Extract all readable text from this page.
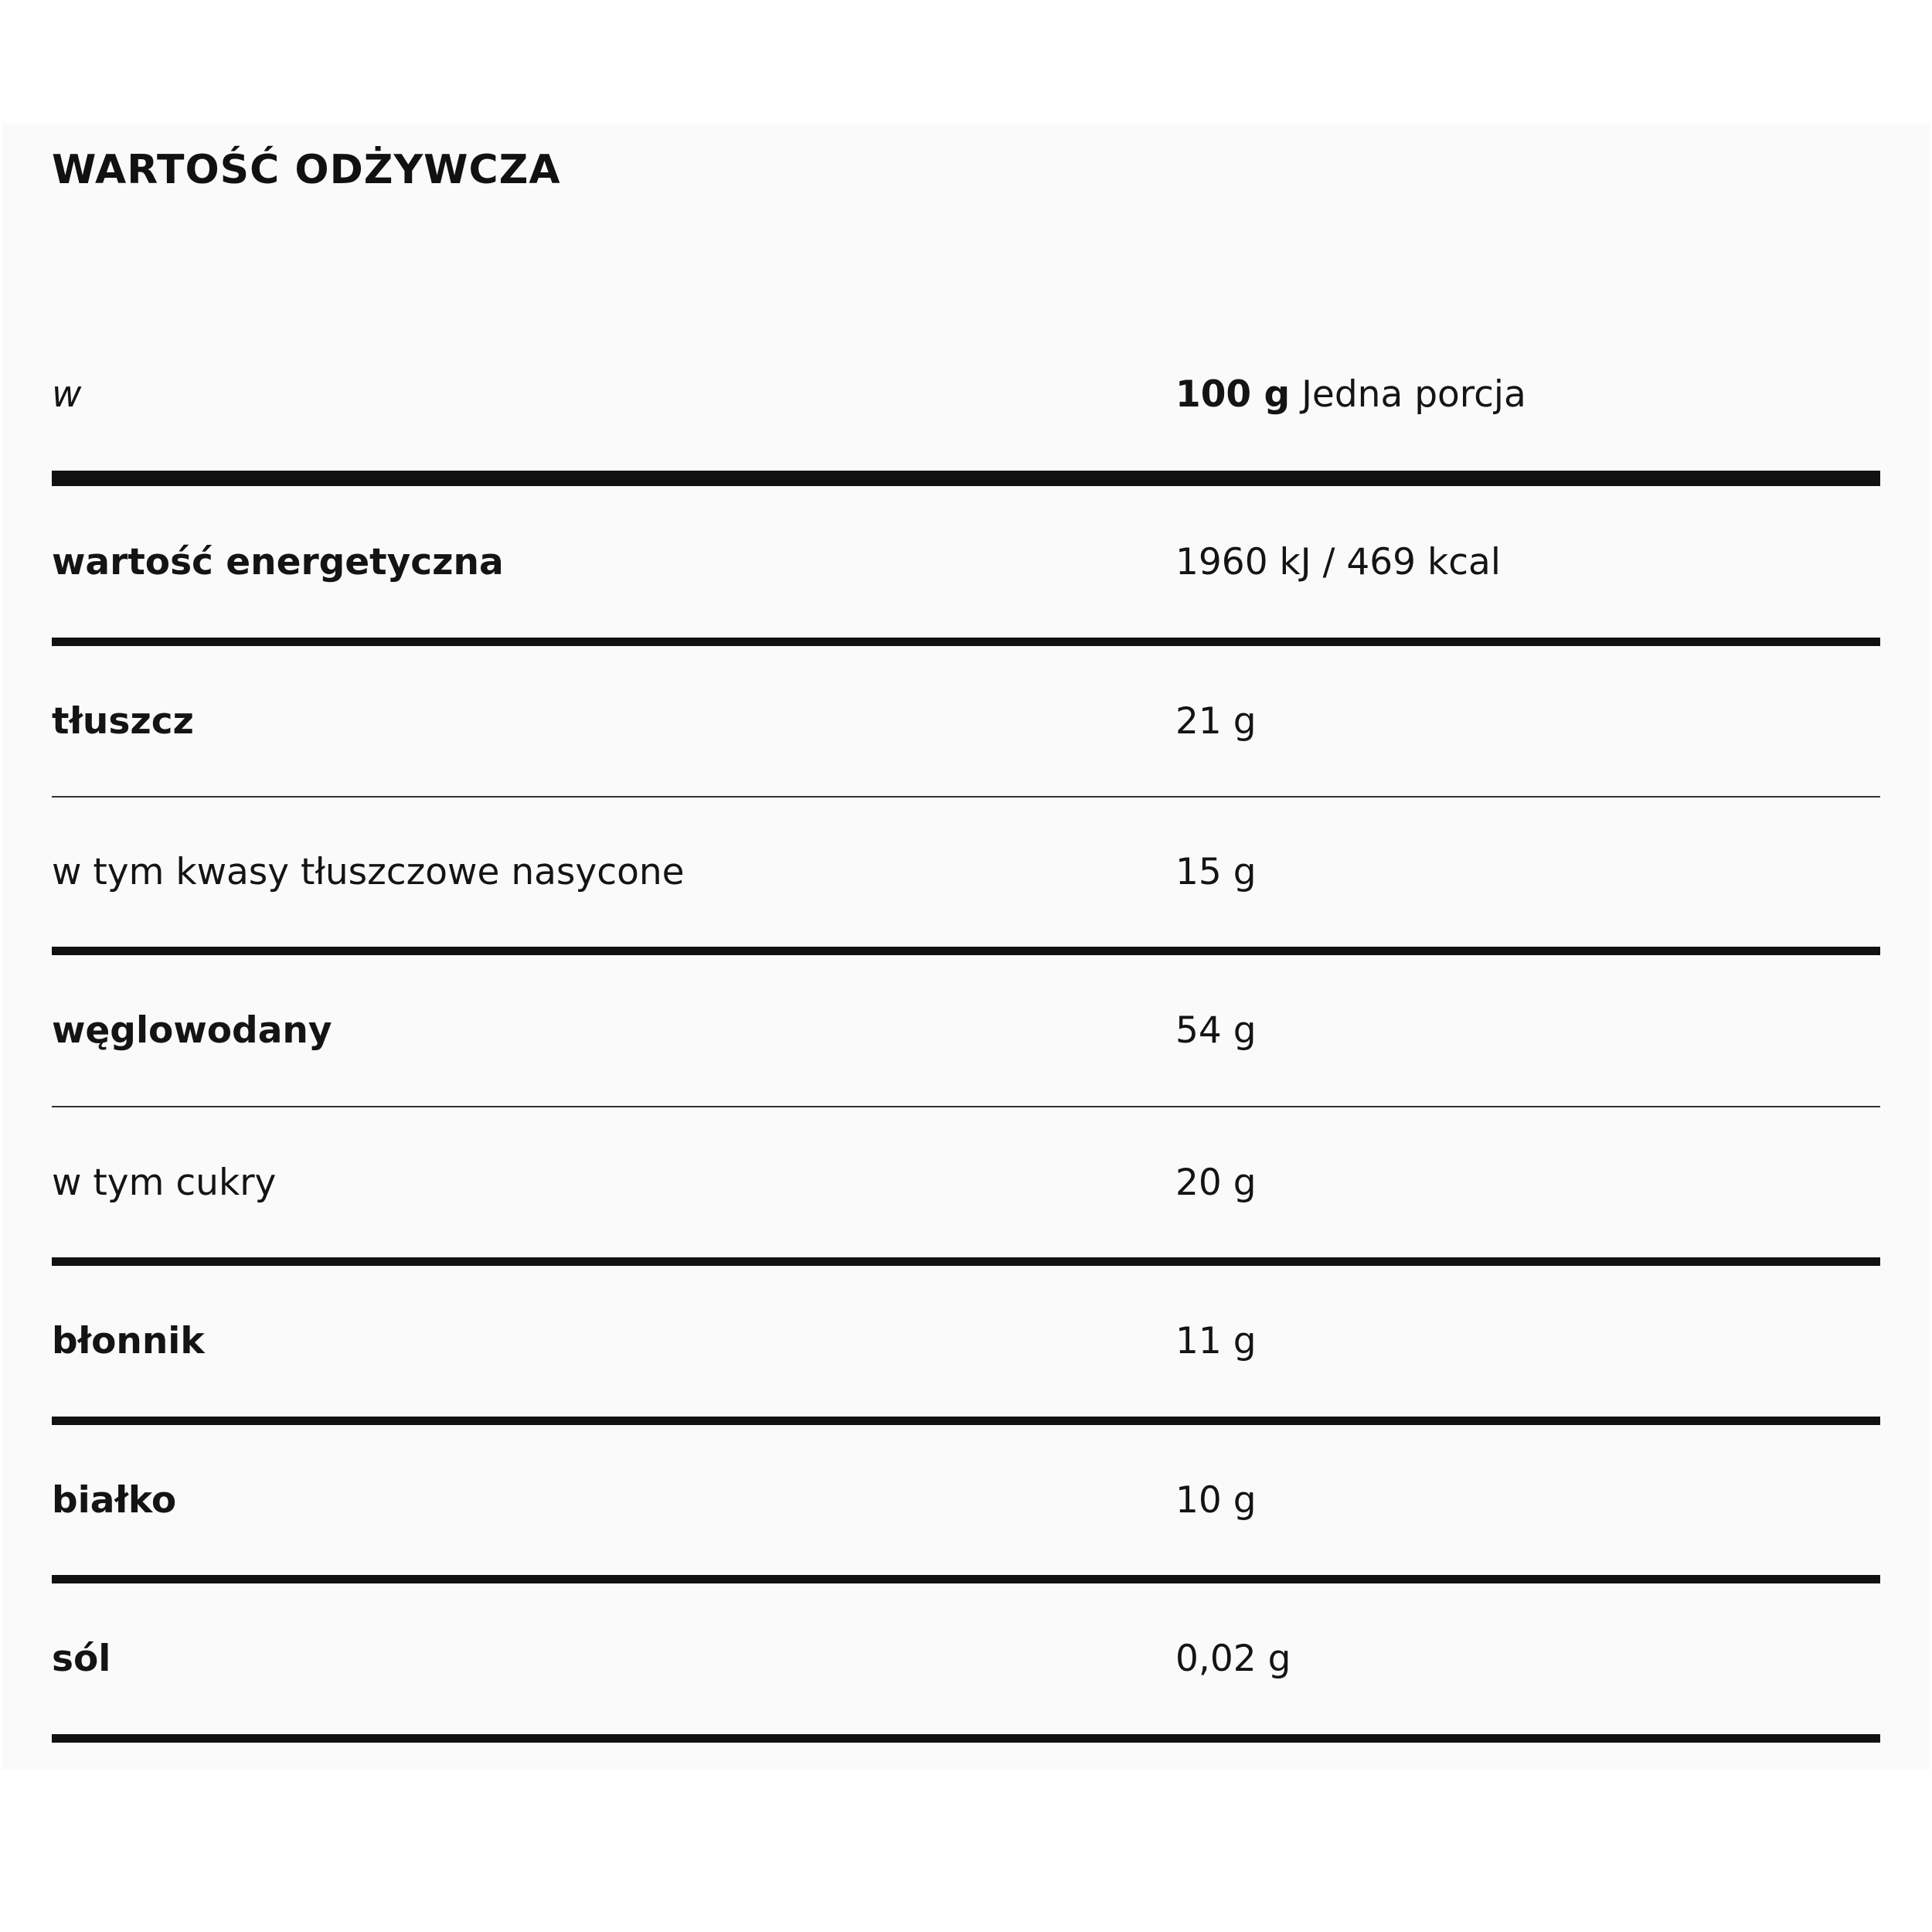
WARTOŚĆ ODŻYWCZA
w	100 g Jedna porcja
wartość energetyczna	1960 kJ / 469 kcal
tłuszcz	21 g
w tym kwasy tłuszczowe nasycone	15 g
węglowodany	54 g
w tym cukry	20 g
błonnik	11 g
białko	10 g
sól	0,02 g
